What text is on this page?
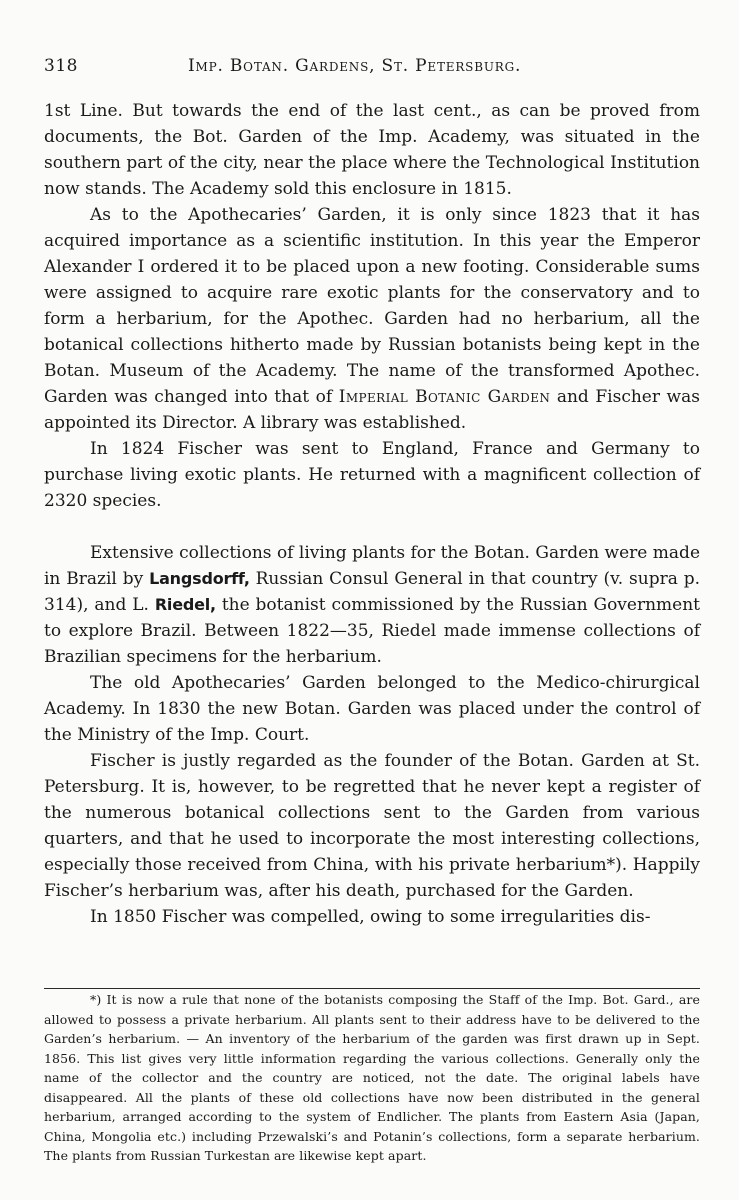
318	Imp. Botan. Gardens, St. Petersburg.

1st Line. But towards the end of the last cent., as can be proved from documents, the Bot. Garden of the Imp. Academy, was situated in the southern part of the city, near the place where the Technological Institution now stands. The Academy sold this enclosure in 1815.

As to the Apothecaries’ Garden, it is only since 1823 that it has acquired importance as a scientific institution. In this year the Emperor Alexander I ordered it to be placed upon a new footing. Considerable sums were assigned to acquire rare exotic plants for the conservatory and to form a herbarium, for the Apothec. Garden had no herbarium, all the botanical collections hitherto made by Russian botanists being kept in the Botan. Museum of the Academy. The name of the transformed Apothec. Garden was changed into that of Imperial Botanic Garden and Fischer was appointed its Director. A library was established.

In 1824 Fischer was sent to England, France and Germany to purchase living exotic plants. He returned with a magnificent collection of 2320 species.

Extensive collections of living plants for the Botan. Garden were made in Brazil by Langsdorff, Russian Consul General in that country (v. supra p. 314), and L. Riedel, the botanist commissioned by the Russian Government to explore Brazil. Between 1822—35, Riedel made immense collections of Brazilian specimens for the herbarium.

The old Apothecaries’ Garden belonged to the Medico-chirurgical Academy. In 1830 the new Botan. Garden was placed under the control of the Ministry of the Imp. Court.

Fischer is justly regarded as the founder of the Botan. Garden at St. Petersburg. It is, however, to be regretted that he never kept a register of the numerous botanical collections sent to the Garden from various quarters, and that he used to incorporate the most interesting collections, especially those received from China, with his private herbarium*). Happily Fischer’s herbarium was, after his death, purchased for the Garden.

In 1850 Fischer was compelled, owing to some irregularities dis-

*) It is now a rule that none of the botanists composing the Staff of the Imp. Bot. Gard., are allowed to possess a private herbarium. All plants sent to their address have to be delivered to the Garden’s herbarium. — An inventory of the herbarium of the garden was first drawn up in Sept. 1856. This list gives very little information regarding the various collections. Generally only the name of the collector and the country are noticed, not the date. The original labels have disappeared. All the plants of these old collections have now been distributed in the general herbarium, arranged according to the system of Endlicher. The plants from Eastern Asia (Japan, China, Mongolia etc.) including Przewalski’s and Potanin’s collections, form a separate herbarium. The plants from Russian Turkestan are likewise kept apart.
